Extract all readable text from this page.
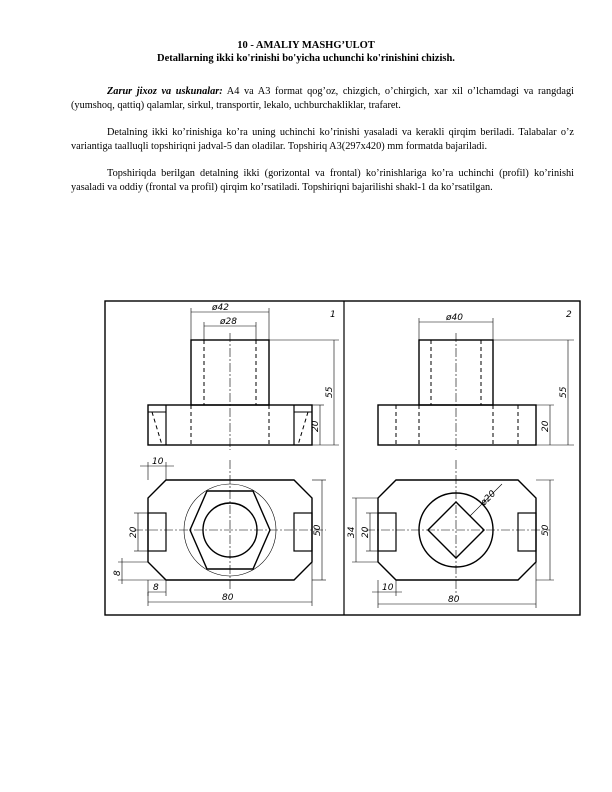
10 - AMALIY MASHG’ULOT
Detallarning ikki ko'rinishi bo'yicha uchunchi ko'rinishini chizish.
Zarur jixoz va uskunalar: A4 va A3 format qog’oz, chizgich, o’chirgich, xar xil o’lchamdagi va rangdagi (yumshoq, qattiq) qalamlar, sirkul, transportir, lekalo, uchburchakliklar, trafaret.
Detalning ikki ko’rinishiga ko’ra uning uchinchi ko’rinishi yasaladi va kerakli qirqim beriladi. Talabalar o’z variantiga taalluqli topshiriqni jadval-5 dan oladilar. Topshiriq A3(297x420) mm formatda bajariladi.
Topshiriqda berilgan detalning ikki (gorizontal va frontal) ko’rinishlariga ko’ra uchinchi (profil) ko’rinishi yasaladi va oddiy (frontal va profil) qirqim ko’rsatiladi. Topshiriqni bajarilishi shakl-1 da ko’rsatilgan.
1
ø42
ø28
55
20
10
20
8
8
80
50
2
ø40
55
20
ø20
20
34	50
10
80
